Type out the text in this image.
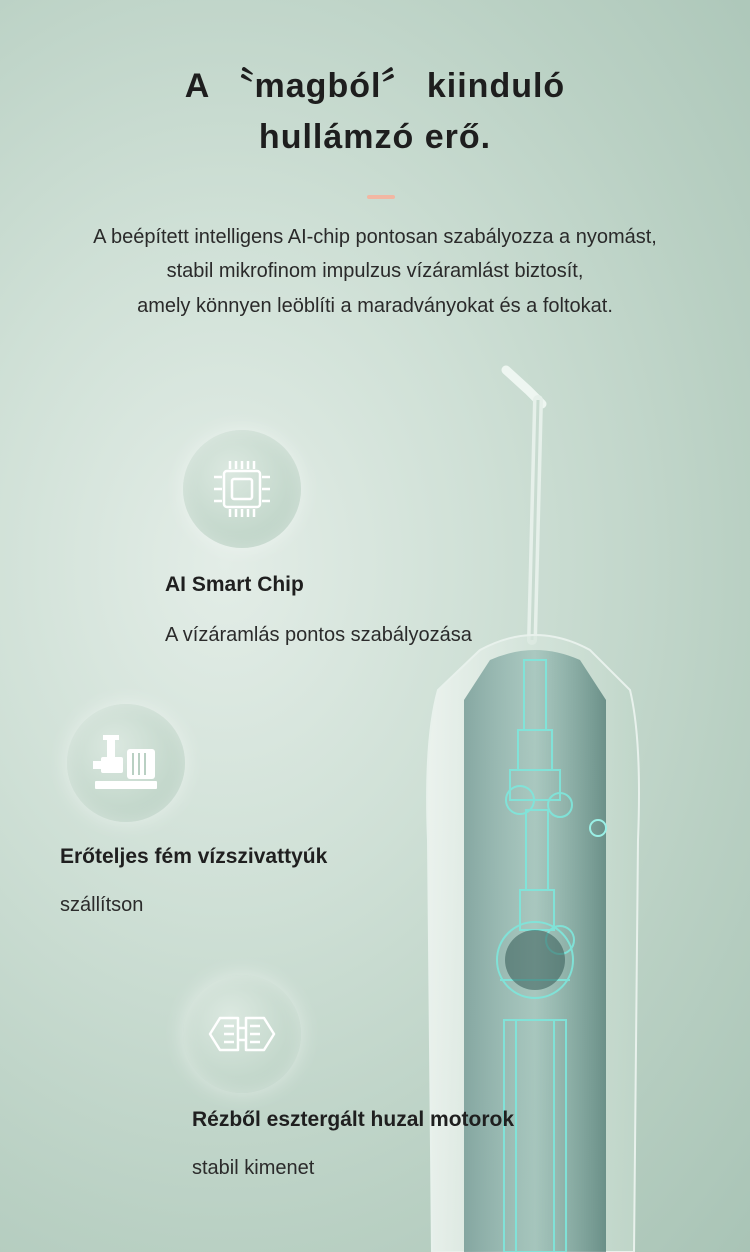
A 〝magból〞 kiinduló
hullámzó erő.
A beépített intelligens AI-chip pontosan szabályozza a nyomást,
stabil mikrofinom impulzus vízáramlást biztosít,
amely könnyen leöblíti a maradványokat és a foltokat.
AI Smart Chip
A vízáramlás pontos szabályozása
Erőteljes fém vízszivattyúk
szállítson
Rézből esztergált huzal motorok
stabil kimenet
